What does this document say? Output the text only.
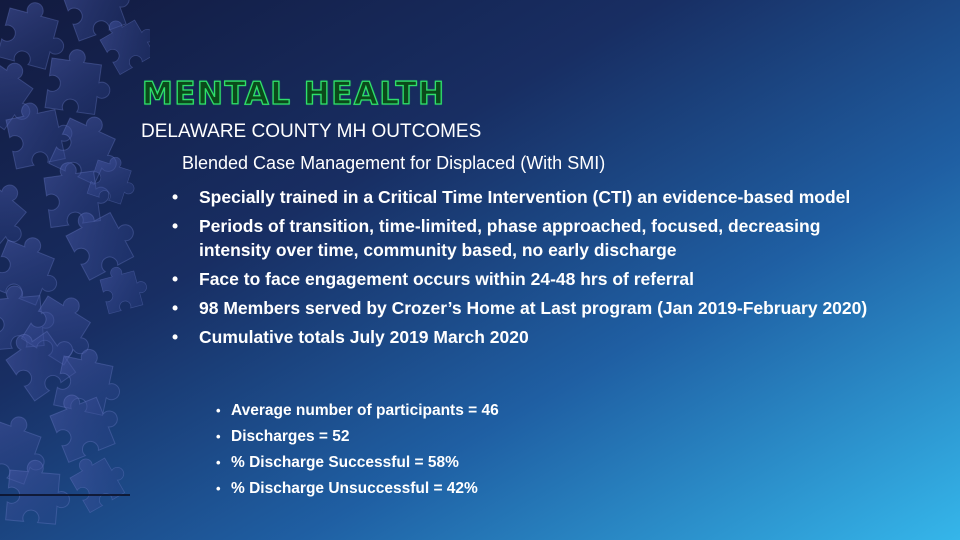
MENTAL HEALTH
DELAWARE COUNTY MH OUTCOMES
Blended Case Management for Displaced (With SMI)
• Specially trained in a Critical Time Intervention (CTI) an evidence-based model
• Periods of transition, time-limited, phase approached, focused, decreasing intensity over time, community based, no early discharge
• Face to face engagement occurs within 24-48 hrs of referral
• 98 Members served by Crozer’s Home at Last program (Jan 2019-February 2020)
• Cumulative totals July 2019 March 2020
• Average number of participants = 46
• Discharges = 52
• % Discharge Successful = 58%
• % Discharge Unsuccessful = 42%
